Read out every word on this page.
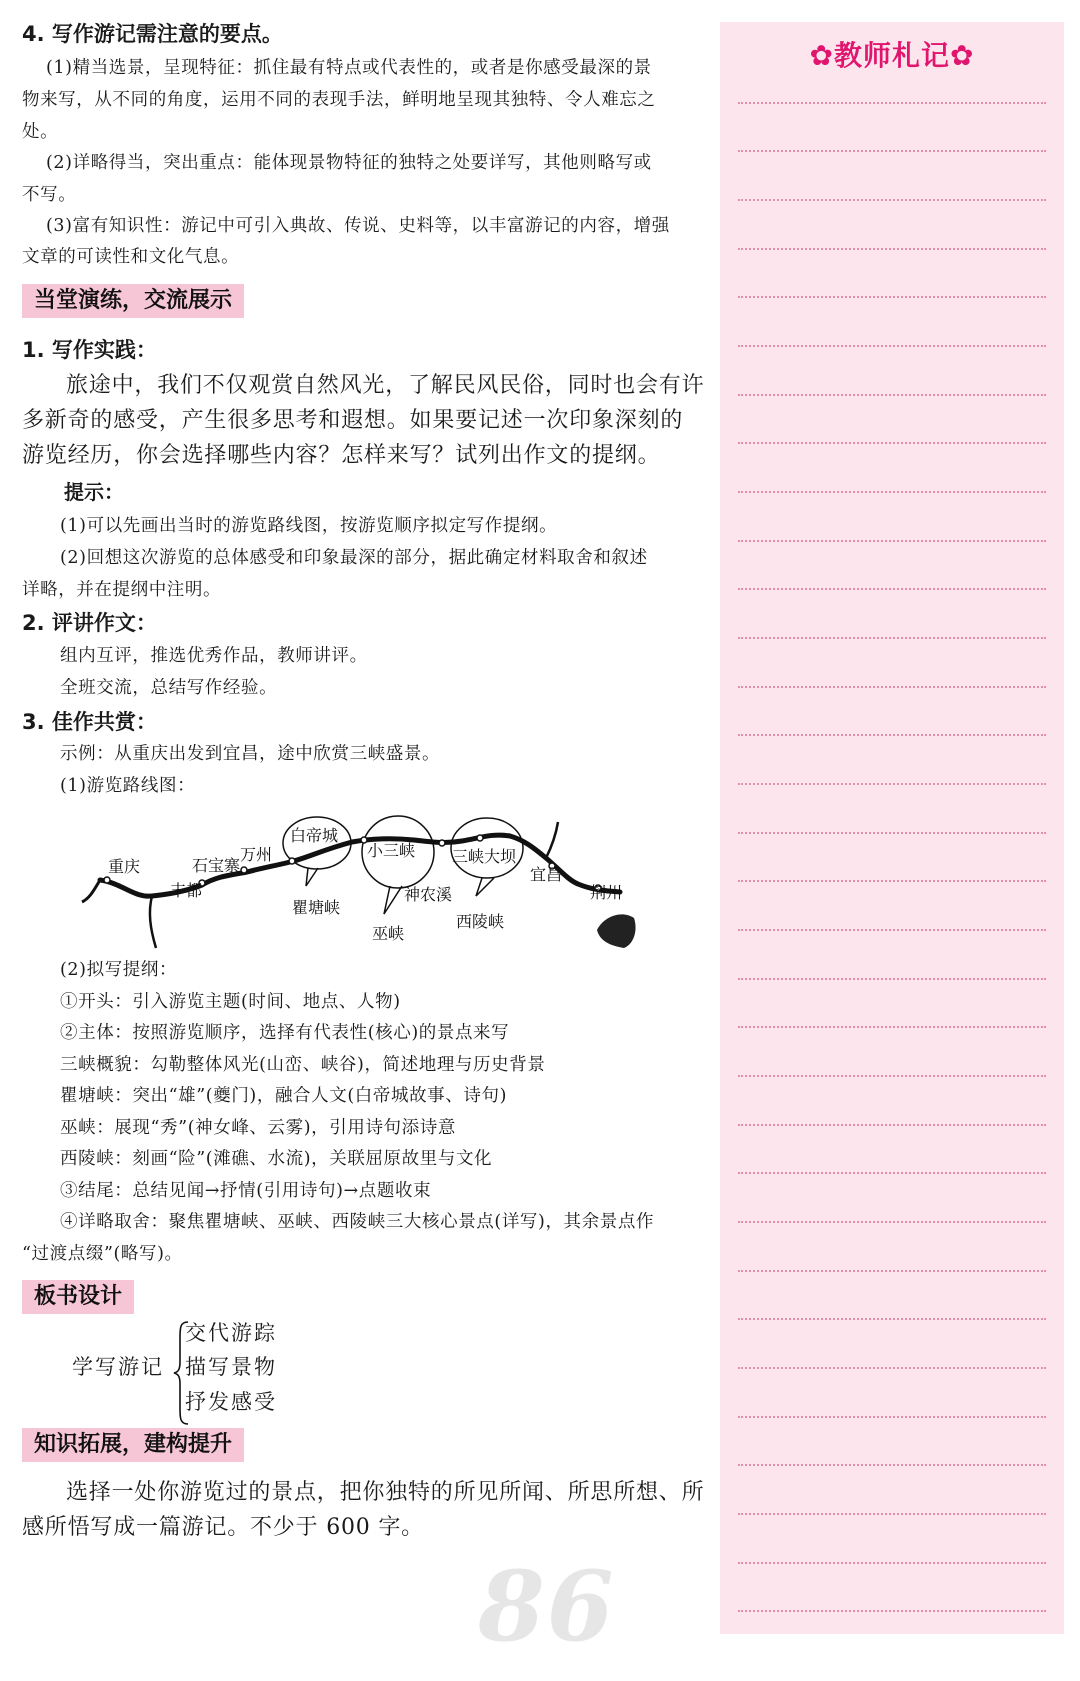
4. 写作游记需注意的要点。
(1)精当选景，呈现特征：抓住最有特点或代表性的，或者是你感受最深的景
物来写，从不同的角度，运用不同的表现手法，鲜明地呈现其独特、令人难忘之
处。
(2)详略得当，突出重点：能体现景物特征的独特之处要详写，其他则略写或
不写。
(3)富有知识性：游记中可引入典故、传说、史料等，以丰富游记的内容，增强
文章的可读性和文化气息。
当堂演练，交流展示
1. 写作实践：
旅途中，我们不仅观赏自然风光，了解民风民俗，同时也会有许
多新奇的感受，产生很多思考和遐想。如果要记述一次印象深刻的
游览经历，你会选择哪些内容？怎样来写？试列出作文的提纲。
提示：
(1)可以先画出当时的游览路线图，按游览顺序拟定写作提纲。
(2)回想这次游览的总体感受和印象最深的部分，据此确定材料取舍和叙述
详略，并在提纲中注明。
2. 评讲作文：
组内互评，推选优秀作品，教师讲评。
全班交流，总结写作经验。
3. 佳作共赏：
示例：从重庆出发到宜昌，途中欣赏三峡盛景。
(1)游览路线图：
重庆
丰都
石宝寨
万州
白帝城
小三峡 三峡大坝
宜昌
荆州
瞿塘峡
神农溪
巫峡
西陵峡
(2)拟写提纲：
①开头：引入游览主题(时间、地点、人物)
②主体：按照游览顺序，选择有代表性(核心)的景点来写
三峡概貌：勾勒整体风光(山峦、峡谷)，简述地理与历史背景
瞿塘峡：突出“雄”(夔门)，融合人文(白帝城故事、诗句)
巫峡：展现“秀”(神女峰、云雾)，引用诗句添诗意
西陵峡：刻画“险”(滩礁、水流)，关联屈原故里与文化
③结尾：总结见闻→抒情(引用诗句)→点题收束
④详略取舍：聚焦瞿塘峡、巫峡、西陵峡三大核心景点(详写)，其余景点作
“过渡点缀”(略写)。
板书设计
学写游记
交代游踪
描写景物
抒发感受
知识拓展，建构提升
选择一处你游览过的景点，把你独特的所见所闻、所思所想、所
感所悟写成一篇游记。不少于 600 字。
86
✿教师札记✿
